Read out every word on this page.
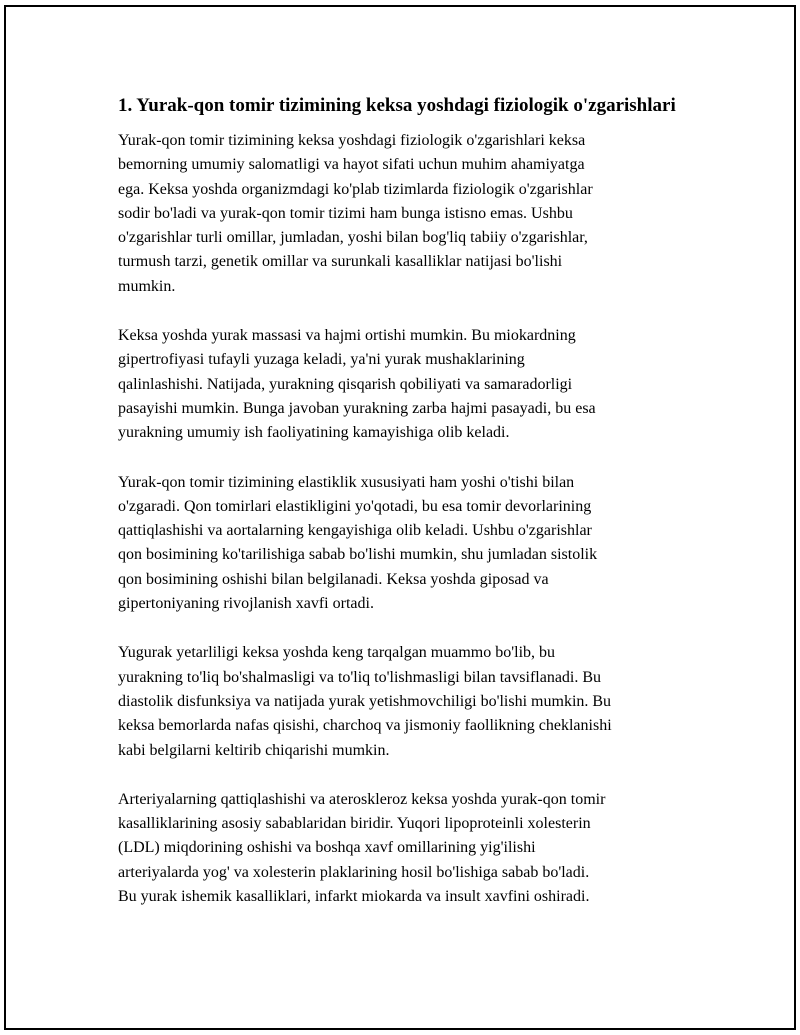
1. Yurak-qon tomir tizimining keksa yoshdagi fiziologik o'zgarishlari

Yurak-qon tomir tizimining keksa yoshdagi fiziologik o'zgarishlari keksa
bemorning umumiy salomatligi va hayot sifati uchun muhim ahamiyatga
ega. Keksa yoshda organizmdagi ko'plab tizimlarda fiziologik o'zgarishlar
sodir bo'ladi va yurak-qon tomir tizimi ham bunga istisno emas. Ushbu
o'zgarishlar turli omillar, jumladan, yoshi bilan bog'liq tabiiy o'zgarishlar,
turmush tarzi, genetik omillar va surunkali kasalliklar natijasi bo'lishi
mumkin.

Keksa yoshda yurak massasi va hajmi ortishi mumkin. Bu miokardning
gipertrofiyasi tufayli yuzaga keladi, ya'ni yurak mushaklarining
qalinlashishi. Natijada, yurakning qisqarish qobiliyati va samaradorligi
pasayishi mumkin. Bunga javoban yurakning zarba hajmi pasayadi, bu esa
yurakning umumiy ish faoliyatining kamayishiga olib keladi.

Yurak-qon tomir tizimining elastiklik xususiyati ham yoshi o'tishi bilan
o'zgaradi. Qon tomirlari elastikligini yo'qotadi, bu esa tomir devorlarining
qattiqlashishi va aortalarning kengayishiga olib keladi. Ushbu o'zgarishlar
qon bosimining ko'tarilishiga sabab bo'lishi mumkin, shu jumladan sistolik
qon bosimining oshishi bilan belgilanadi. Keksa yoshda giposad va
gipertoniyaning rivojlanish xavfi ortadi.

Yugurak yetarliligi keksa yoshda keng tarqalgan muammo bo'lib, bu
yurakning to'liq bo'shalmasligi va to'liq to'lishmasligi bilan tavsiflanadi. Bu
diastolik disfunksiya va natijada yurak yetishmovchiligi bo'lishi mumkin. Bu
keksa bemorlarda nafas qisishi, charchoq va jismoniy faollikning cheklanishi
kabi belgilarni keltirib chiqarishi mumkin.

Arteriyalarning qattiqlashishi va ateroskleroz keksa yoshda yurak-qon tomir
kasalliklarining asosiy sabablaridan biridir. Yuqori lipoproteinli xolesterin
(LDL) miqdorining oshishi va boshqa xavf omillarining yig'ilishi
arteriyalarda yog' va xolesterin plaklarining hosil bo'lishiga sabab bo'ladi.
Bu yurak ishemik kasalliklari, infarkt miokarda va insult xavfini oshiradi.
